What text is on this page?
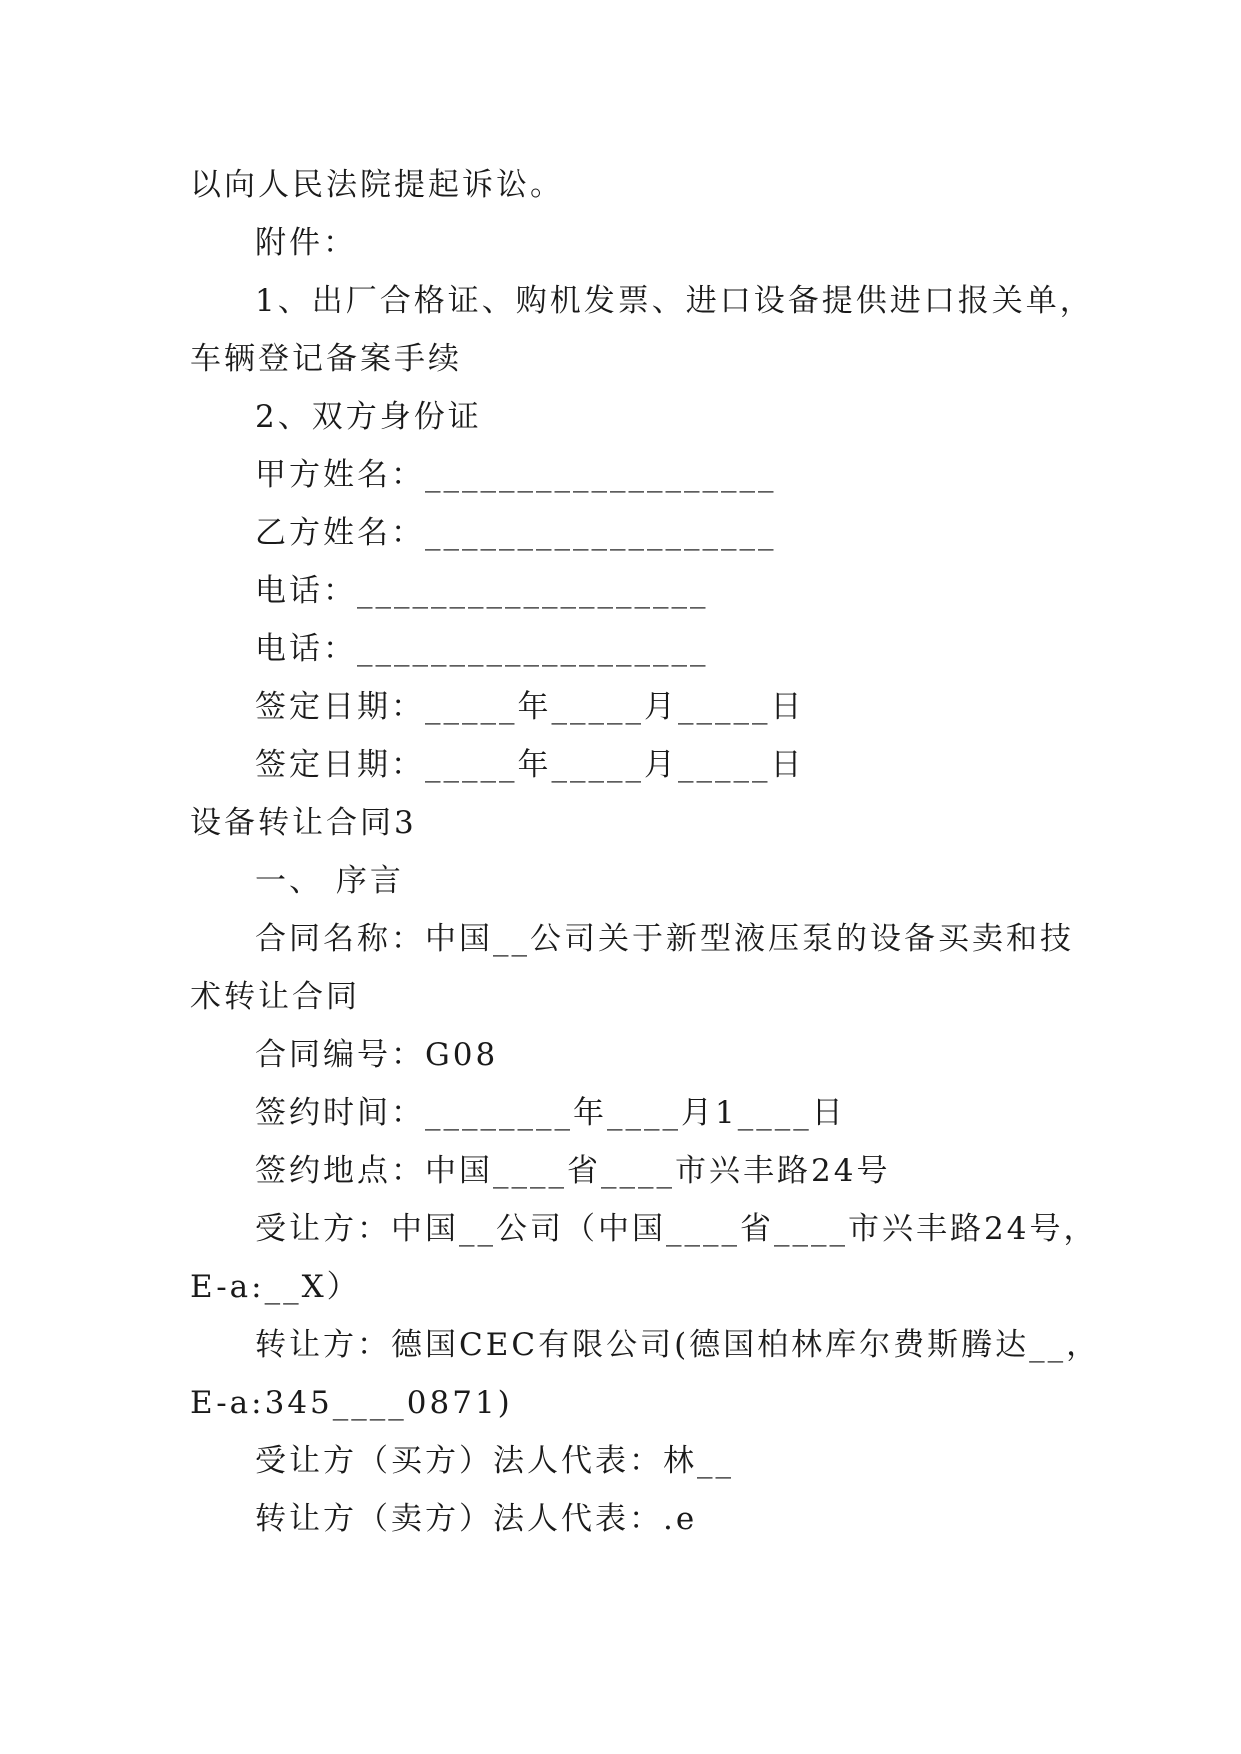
以向人民法院提起诉讼。
附件：
1、出厂合格证、购机发票、进口设备提供进口报关单，
车辆登记备案手续
2、双方身份证
甲方姓名：___________________
乙方姓名：___________________
电话：___________________
电话：___________________
签定日期：_____年_____月_____日
签定日期：_____年_____月_____日
设备转让合同3
一、 序言
合同名称：中国__公司关于新型液压泵的设备买卖和技
术转让合同
合同编号：G08
签约时间：________年____月1____日
签约地点：中国____省____市兴丰路24号
受让方：中国__公司（中国____省____市兴丰路24号，
E-a:__X）
转让方：德国CEC有限公司(德国柏林库尔费斯腾达__，
E-a:345____0871)
受让方（买方）法人代表：林__
转让方（卖方）法人代表：.e
